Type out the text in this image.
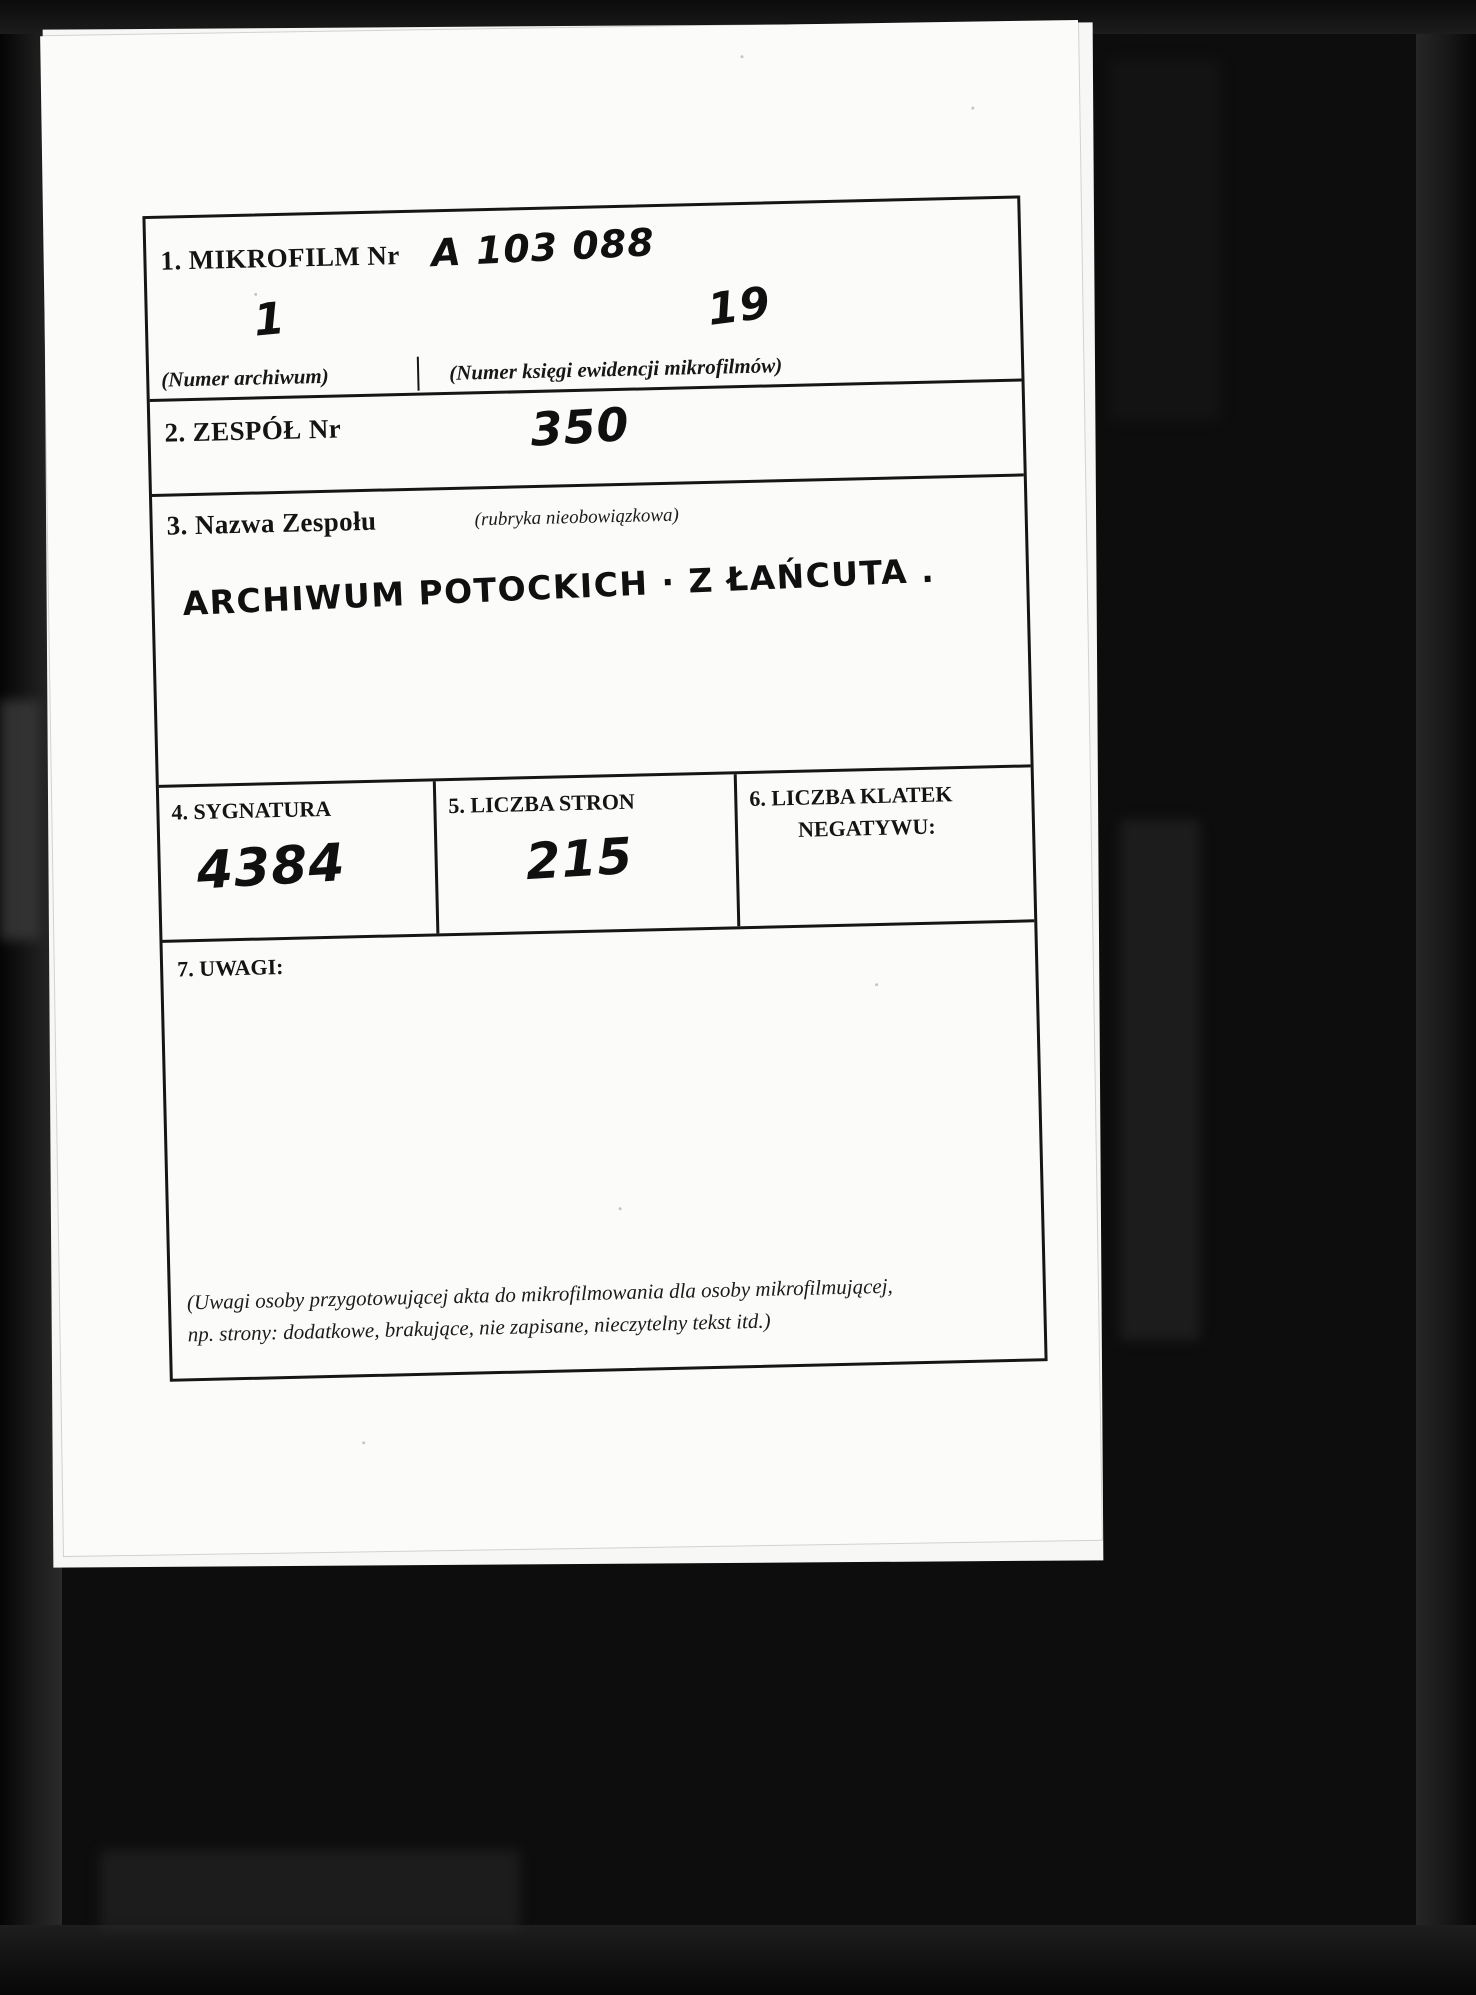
1. MIKROFILM Nr A 103 088
1	19
(Numer archiwum)	(Numer księgi ewidencji mikrofilmów)
2. ZESPÓŁ Nr	350
3. Nazwa Zespołu	(rubryka nieobowiązkowa)
ARCHIWUM POTOCKICH · Z ŁAŃCUTA .
4. SYGNATURA
4384
5. LICZBA STRON
215
6. LICZBA KLATEK
NEGATYWU:
7. UWAGI:
(Uwagi osoby przygotowującej akta do mikrofilmowania dla osoby mikrofilmującej,
np. strony: dodatkowe, brakujące, nie zapisane, nieczytelny tekst itd.)
